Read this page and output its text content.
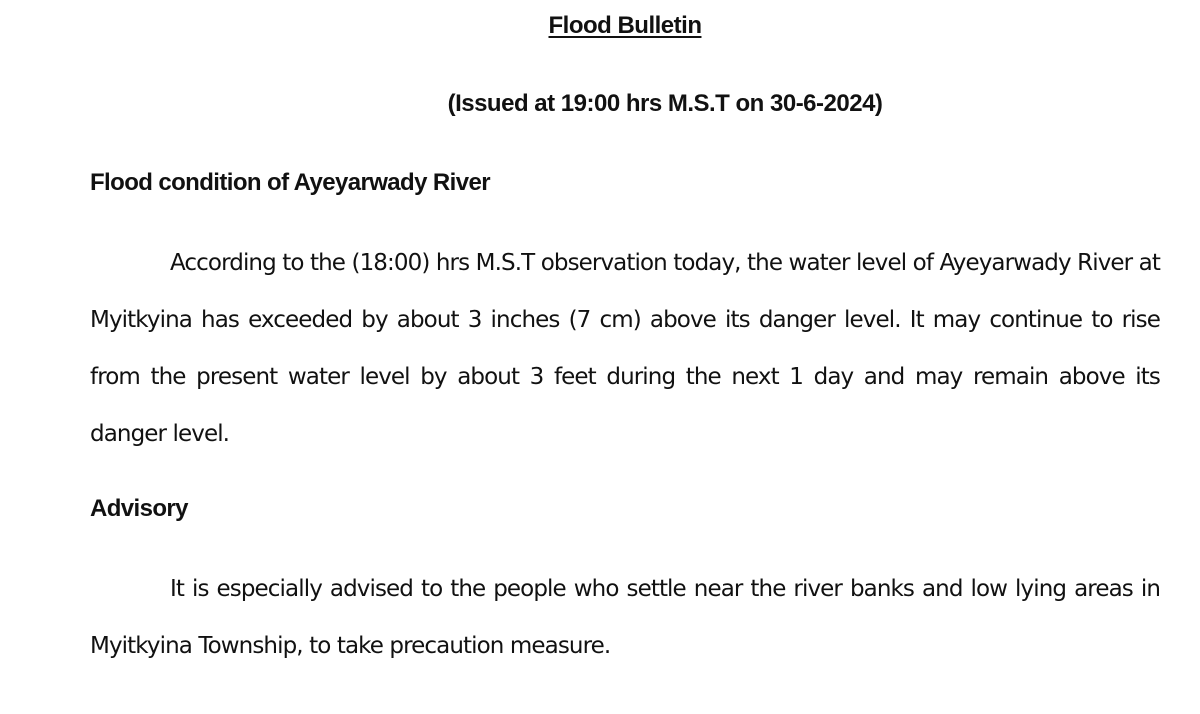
Flood Bulletin
(Issued at 19:00 hrs M.S.T on 30-6-2024)
Flood condition of Ayeyarwady River

According to the (18:00) hrs M.S.T observation today, the water level of Ayeyarwady River at Myitkyina has exceeded by about 3 inches (7 cm) above its danger level. It may continue to rise from the present water level by about 3 feet during the next 1 day and may remain above its danger level.

Advisory

It is especially advised to the people who settle near the river banks and low lying areas in Myitkyina Township, to take precaution measure.
